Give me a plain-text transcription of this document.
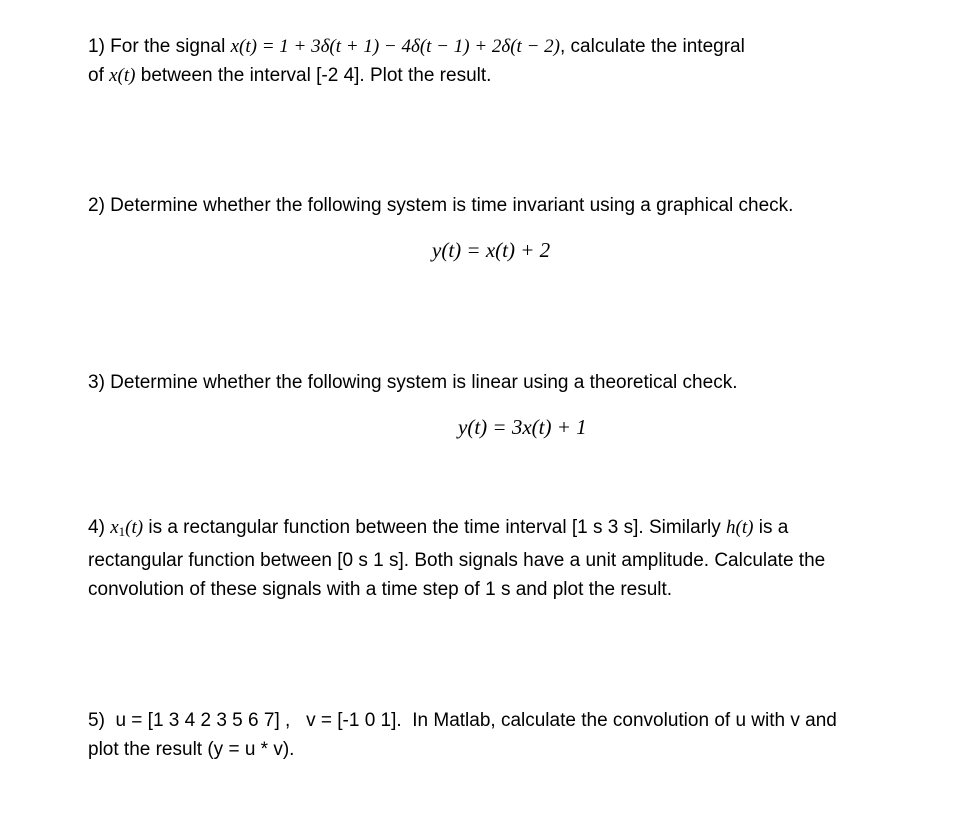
1) For the signal x(t) = 1 + 3δ(t + 1) − 4δ(t − 1) + 2δ(t − 2), calculate the integral

of x(t) between the interval [-2 4]. Plot the result.

2) Determine whether the following system is time invariant using a graphical check.

y(t) = x(t) + 2

3) Determine whether the following system is linear using a theoretical check.

y(t) = 3x(t) + 1

4) $x_1(t)$ is a rectangular function between the time interval [1 s 3 s]. Similarly h(t) is a

rectangular function between [0 s 1 s]. Both signals have a unit amplitude. Calculate the

convolution of these signals with a time step of 1 s and plot the result.

5)  u = [1 3 4 2 3 5 6 7] ,   v = [-1 0 1].  In Matlab, calculate the convolution of u with v and

plot the result (y = u * v).
